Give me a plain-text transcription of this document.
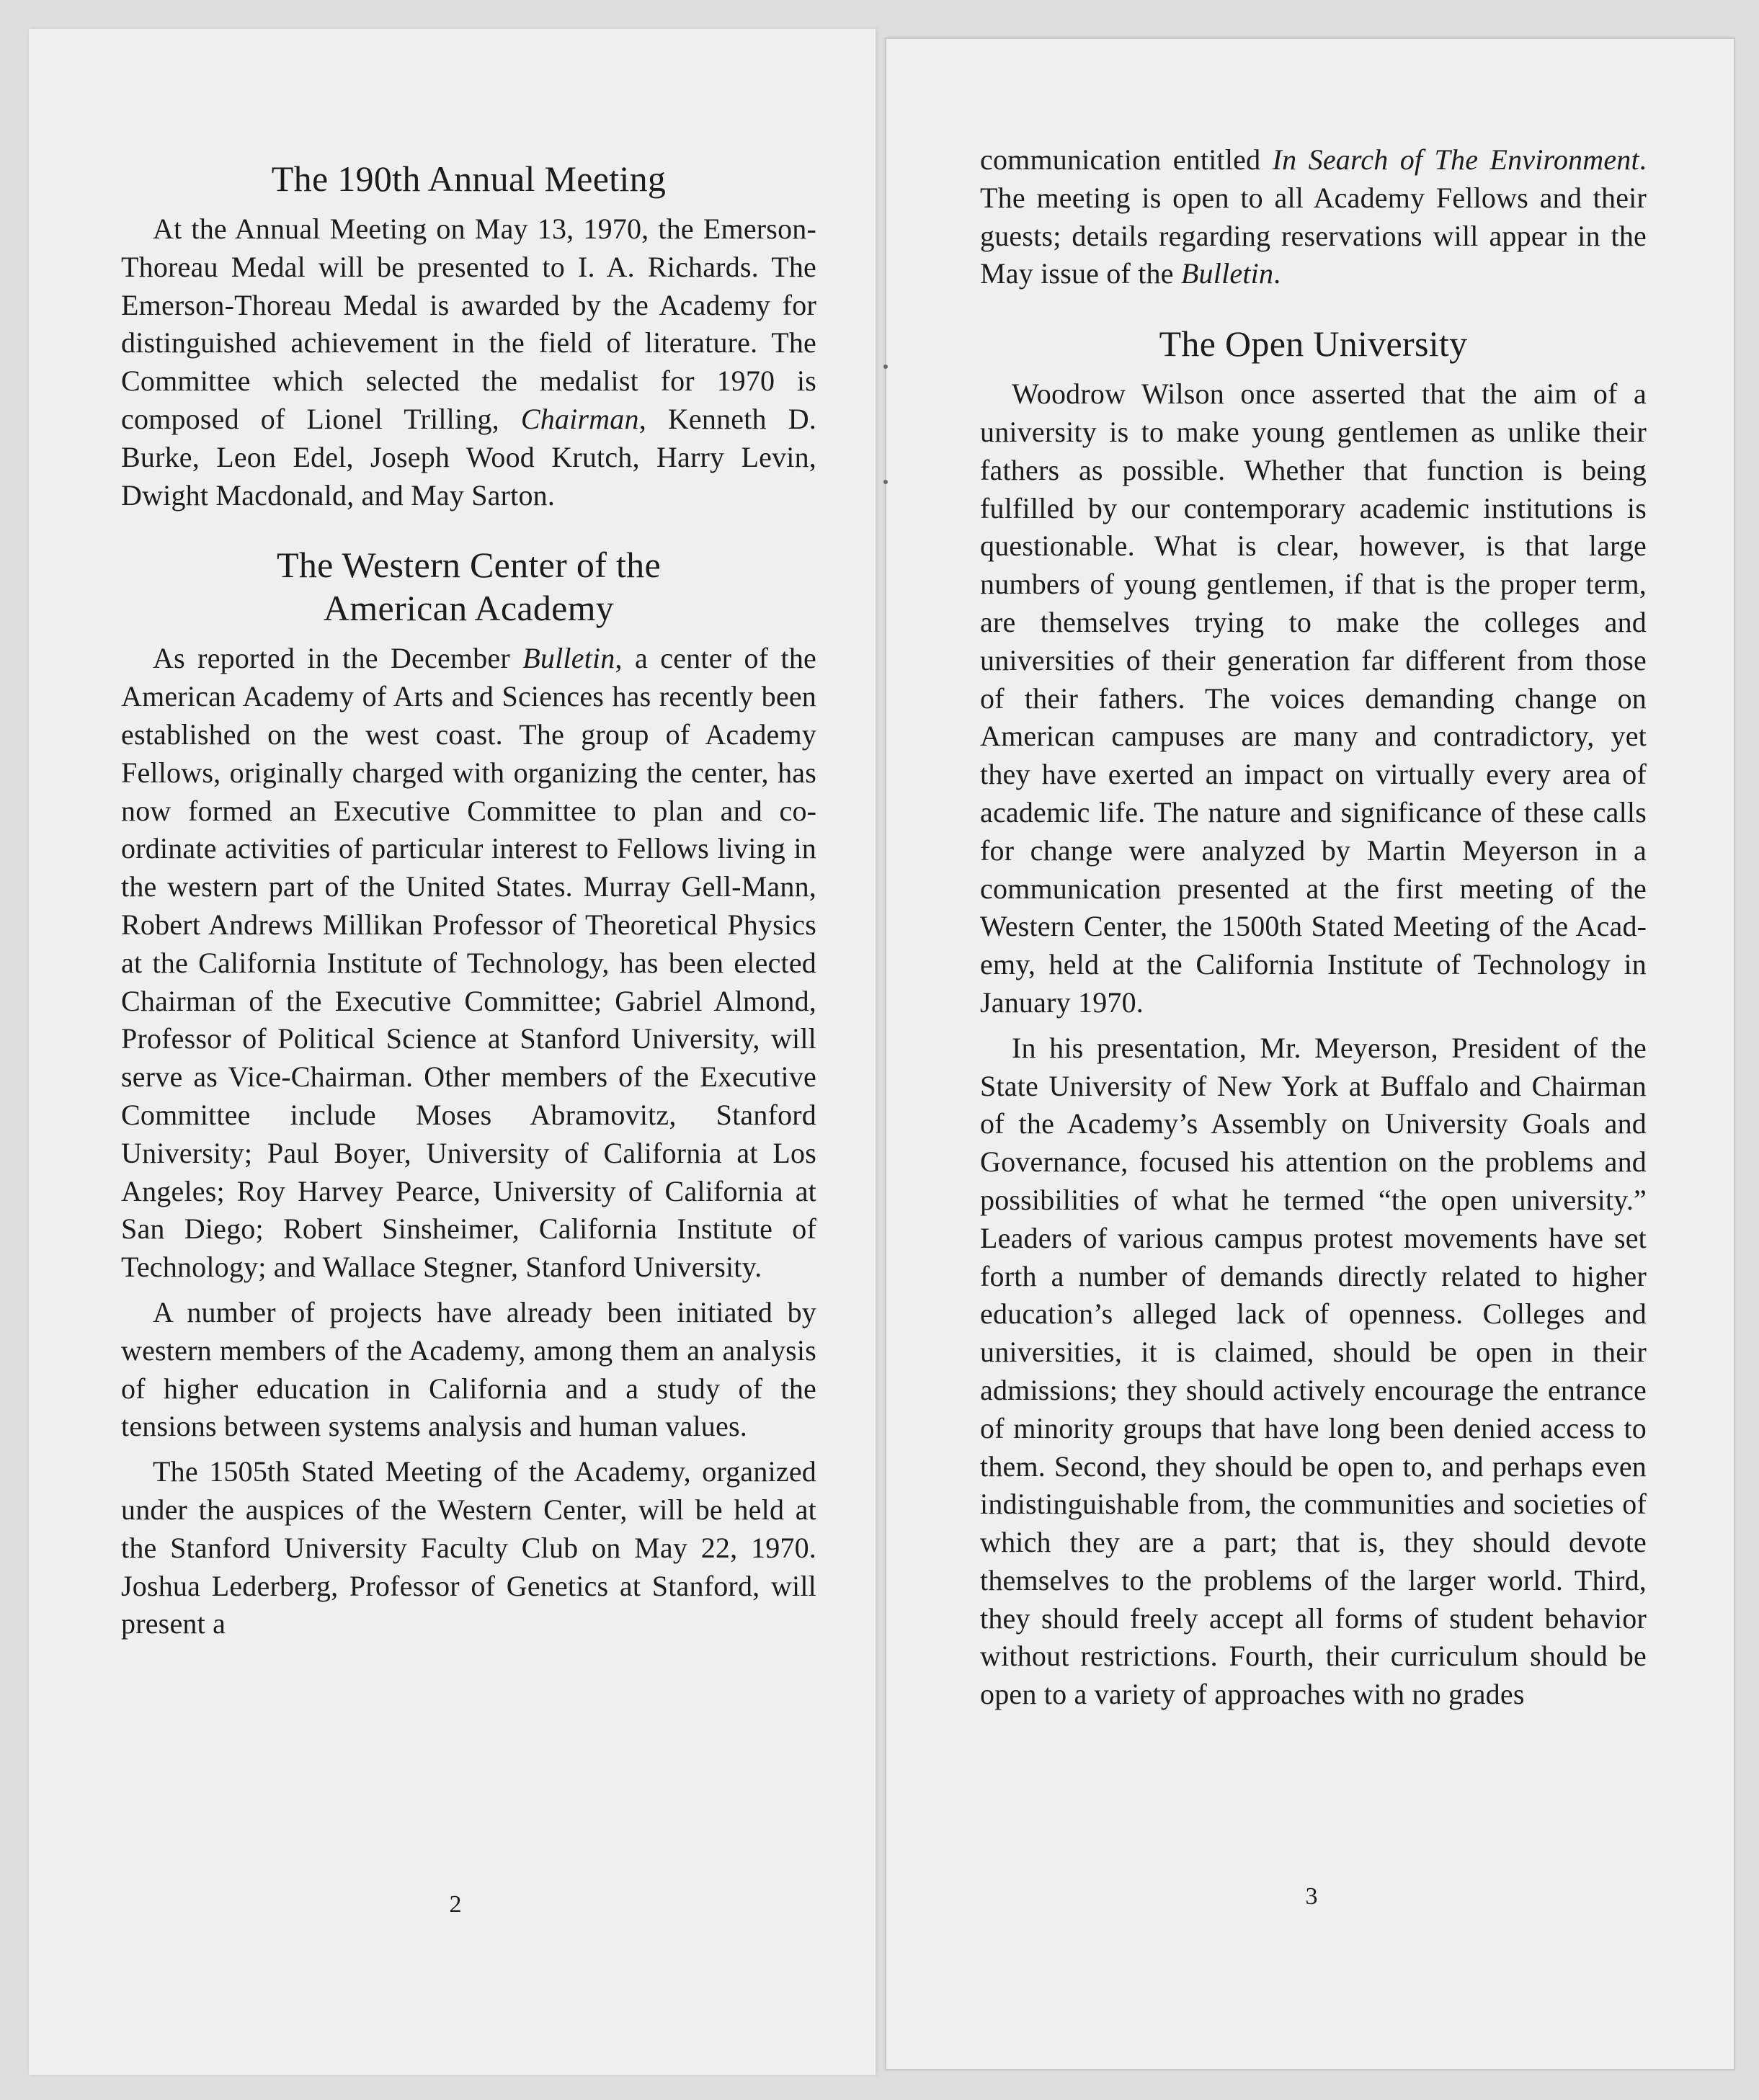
The 190th Annual Meeting

At the Annual Meeting on May 13, 1970, the Emerson-Thoreau Medal will be presented to I. A. Richards. The Emerson-Thoreau Medal is awarded by the Academy for distinguished achievement in the field of literature. The Committee which selected the medalist for 1970 is composed of Lionel Trilling, Chairman, Kenneth D. Burke, Leon Edel, Joseph Wood Krutch, Harry Levin, Dwight Macdonald, and May Sarton.

The Western Center of the
American Academy

As reported in the December Bulletin, a center of the American Academy of Arts and Sciences has recently been established on the west coast. The group of Academy Fellows, originally charged with organizing the center, has now formed an Executive Committee to plan and coordinate activities of particular interest to Fellows living in the western part of the United States. Murray Gell-Mann, Robert Andrews Millikan Professor of Theoretical Physics at the California Institute of Technology, has been elected Chairman of the Executive Committee; Gabriel Almond, Professor of Political Science at Stanford University, will serve as Vice-Chairman. Other members of the Executive Committee include Moses Abramovitz, Stanford University; Paul Boyer, University of California at Los Angeles; Roy Harvey Pearce, University of California at San Diego; Robert Sinsheimer, California Institute of Technology; and Wallace Stegner, Stanford University.

A number of projects have already been initiated by western members of the Academy, among them an analysis of higher education in California and a study of the tensions between systems analysis and human values.

The 1505th Stated Meeting of the Academy, organized under the auspices of the Western Center, will be held at the Stanford University Faculty Club on May 22, 1970. Joshua Lederberg, Professor of Genetics at Stanford, will present a

2

communication entitled In Search of The Environment. The meeting is open to all Academy Fellows and their guests; details regarding reservations will appear in the May issue of the Bulletin.

The Open University

Woodrow Wilson once asserted that the aim of a university is to make young gentlemen as unlike their fathers as possible. Whether that function is being fulfilled by our contemporary academic institutions is questionable. What is clear, however, is that large numbers of young gentlemen, if that is the proper term, are themselves trying to make the colleges and universities of their generation far different from those of their fathers. The voices demanding change on American campuses are many and contradictory, yet they have exerted an impact on virtually every area of academic life. The nature and significance of these calls for change were analyzed by Martin Meyerson in a communication presented at the first meeting of the Western Center, the 1500th Stated Meeting of the Academy, held at the California Institute of Technology in January 1970.

In his presentation, Mr. Meyerson, President of the State University of New York at Buffalo and Chairman of the Academy’s Assembly on University Goals and Governance, focused his attention on the problems and possibilities of what he termed “the open university.” Leaders of various campus protest movements have set forth a number of demands directly related to higher education’s alleged lack of openness. Colleges and universities, it is claimed, should be open in their admissions; they should actively encourage the entrance of minority groups that have long been denied access to them. Second, they should be open to, and perhaps even indistinguishable from, the communities and societies of which they are a part; that is, they should devote themselves to the problems of the larger world. Third, they should freely accept all forms of student behavior without restrictions. Fourth, their curriculum should be open to a variety of approaches with no grades

3
